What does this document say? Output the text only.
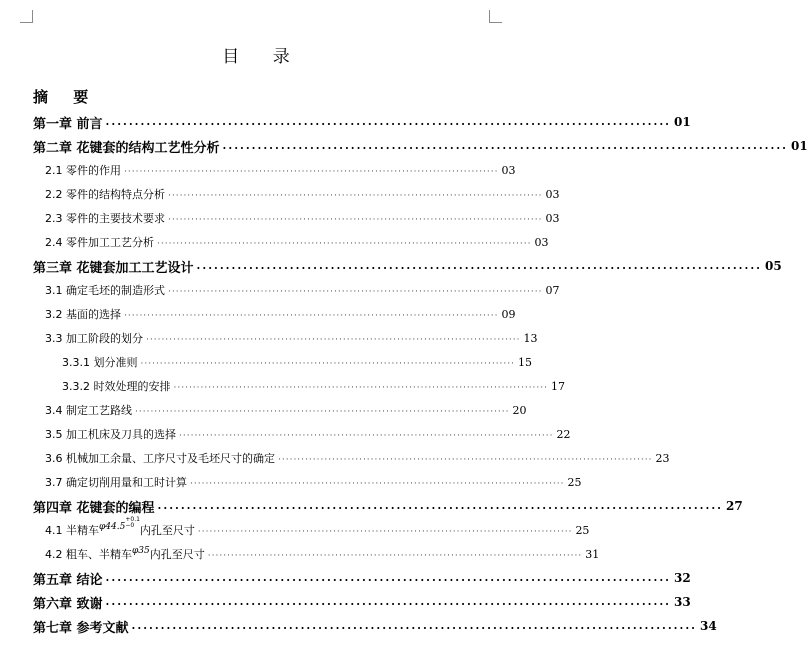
目 录
摘 要
第一章 前言 ································································································· 01
第二章 花键套的结构工艺性分析 ································································································· 01
2.1 零件的作用 ································································································· 03
2.2 零件的结构特点分析 ································································································· 03
2.3 零件的主要技术要求 ································································································· 03
2.4 零件加工工艺分析 ································································································· 03
第三章 花键套加工工艺设计 ································································································· 05
3.1 确定毛坯的制造形式 ································································································· 07
3.2 基面的选择 ································································································· 09
3.3 加工阶段的划分 ································································································· 13
3.3.1 划分准则 ································································································· 15
3.3.2 时效处理的安排 ································································································· 17
3.4 制定工艺路线 ································································································· 20
3.5 加工机床及刀具的选择 ································································································· 22
3.6 机械加工余量、工序尺寸及毛坯尺寸的确定 ································································································· 23
3.7 确定切削用量和工时计算 ································································································· 25
第四章 花键套的编程 ································································································· 27
4.1 半精车$^{\varphi 44.5}$
+0.1
−0 内孔至尺寸 ································································································· 25
4.2 粗车、半精车$^{\varphi 35}$内孔至尺寸 ································································································· 31
第五章 结论 ································································································· 32
第六章 致谢 ································································································· 33
第七章 参考文献 ································································································· 34
